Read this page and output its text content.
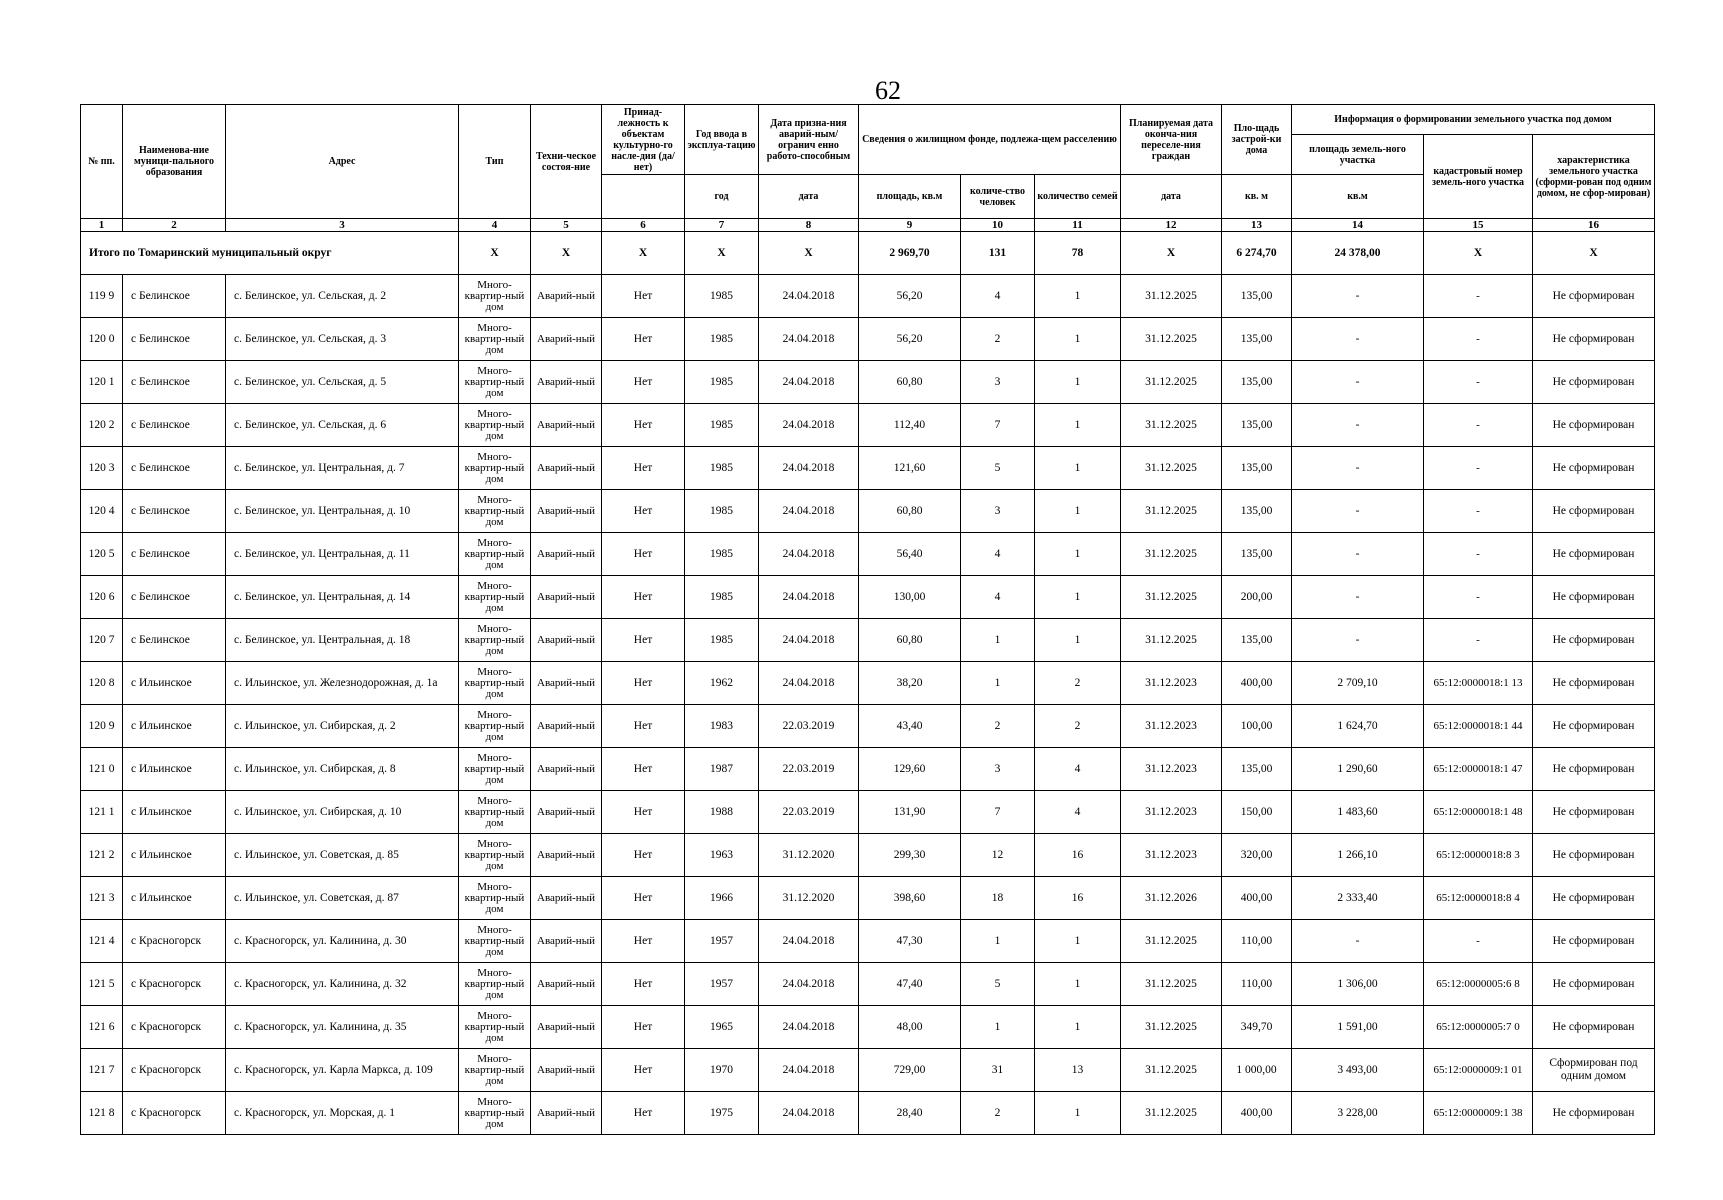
62
№ пп.	Наименова-ние муници-пального образования	Адрес	Тип	Техни-ческое состоя-ние	Принад-лежность к объектам культурно-го насле-дия (да/нет)	Год ввода в эксплуа-тацию	Дата призна-ния аварий-ным/огранич енно работо-способным	Сведения о жилищном фонде, подлежа-щем расселению			Планируемая дата оконча-ния переселе-ния граждан	Пло-щадь застрой-ки дома	Информация о формировании земельного участка под домом		
													площадь земель-ного участка	кадастровый номер земель-ного участка	характеристика земельного участка (сформи-рован под одним домом, не сфор-мирован)
						год	дата	площадь, кв.м	количе-ство человек	количество семей	дата	кв. м	кв.м		
1	2	3	4	5	6	7	8	9	10	11	12	13	14	15	16
Итого по Томаринский муниципальный округ			X	X	X	X	X	2 969,70	131	78	X	6 274,70	24 378,00	X	X
119 9	с Белинское	с. Белинское, ул. Сельская, д. 2	Много-квартир-ный дом	Аварий-ный	Нет	1985	24.04.2018	56,20	4	1	31.12.2025	135,00	-	-	Не сформирован
120 0	с Белинское	с. Белинское, ул. Сельская, д. 3	Много-квартир-ный дом	Аварий-ный	Нет	1985	24.04.2018	56,20	2	1	31.12.2025	135,00	-	-	Не сформирован
120 1	с Белинское	с. Белинское, ул. Сельская, д. 5	Много-квартир-ный дом	Аварий-ный	Нет	1985	24.04.2018	60,80	3	1	31.12.2025	135,00	-	-	Не сформирован
120 2	с Белинское	с. Белинское, ул. Сельская, д. 6	Много-квартир-ный дом	Аварий-ный	Нет	1985	24.04.2018	112,40	7	1	31.12.2025	135,00	-	-	Не сформирован
120 3	с Белинское	с. Белинское, ул. Центральная, д. 7	Много-квартир-ный дом	Аварий-ный	Нет	1985	24.04.2018	121,60	5	1	31.12.2025	135,00	-	-	Не сформирован
120 4	с Белинское	с. Белинское, ул. Центральная, д. 10	Много-квартир-ный дом	Аварий-ный	Нет	1985	24.04.2018	60,80	3	1	31.12.2025	135,00	-	-	Не сформирован
120 5	с Белинское	с. Белинское, ул. Центральная, д. 11	Много-квартир-ный дом	Аварий-ный	Нет	1985	24.04.2018	56,40	4	1	31.12.2025	135,00	-	-	Не сформирован
120 6	с Белинское	с. Белинское, ул. Центральная, д. 14	Много-квартир-ный дом	Аварий-ный	Нет	1985	24.04.2018	130,00	4	1	31.12.2025	200,00	-	-	Не сформирован
120 7	с Белинское	с. Белинское, ул. Центральная, д. 18	Много-квартир-ный дом	Аварий-ный	Нет	1985	24.04.2018	60,80	1	1	31.12.2025	135,00	-	-	Не сформирован
120 8	с Ильинское	с. Ильинское, ул. Железнодорожная, д. 1а	Много-квартир-ный дом	Аварий-ный	Нет	1962	24.04.2018	38,20	1	2	31.12.2023	400,00	2 709,10	65:12:0000018:1 13	Не сформирован
120 9	с Ильинское	с. Ильинское, ул. Сибирская, д. 2	Много-квартир-ный дом	Аварий-ный	Нет	1983	22.03.2019	43,40	2	2	31.12.2023	100,00	1 624,70	65:12:0000018:1 44	Не сформирован
121 0	с Ильинское	с. Ильинское, ул. Сибирская, д. 8	Много-квартир-ный дом	Аварий-ный	Нет	1987	22.03.2019	129,60	3	4	31.12.2023	135,00	1 290,60	65:12:0000018:1 47	Не сформирован
121 1	с Ильинское	с. Ильинское, ул. Сибирская, д. 10	Много-квартир-ный дом	Аварий-ный	Нет	1988	22.03.2019	131,90	7	4	31.12.2023	150,00	1 483,60	65:12:0000018:1 48	Не сформирован
121 2	с Ильинское	с. Ильинское, ул. Советская, д. 85	Много-квартир-ный дом	Аварий-ный	Нет	1963	31.12.2020	299,30	12	16	31.12.2023	320,00	1 266,10	65:12:0000018:8 3	Не сформирован
121 3	с Ильинское	с. Ильинское, ул. Советская, д. 87	Много-квартир-ный дом	Аварий-ный	Нет	1966	31.12.2020	398,60	18	16	31.12.2026	400,00	2 333,40	65:12:0000018:8 4	Не сформирован
121 4	с Красногорск	с. Красногорск, ул. Калинина, д. 30	Много-квартир-ный дом	Аварий-ный	Нет	1957	24.04.2018	47,30	1	1	31.12.2025	110,00	-	-	Не сформирован
121 5	с Красногорск	с. Красногорск, ул. Калинина, д. 32	Много-квартир-ный дом	Аварий-ный	Нет	1957	24.04.2018	47,40	5	1	31.12.2025	110,00	1 306,00	65:12:0000005:6 8	Не сформирован
121 6	с Красногорск	с. Красногорск, ул. Калинина, д. 35	Много-квартир-ный дом	Аварий-ный	Нет	1965	24.04.2018	48,00	1	1	31.12.2025	349,70	1 591,00	65:12:0000005:7 0	Не сформирован
121 7	с Красногорск	с. Красногорск, ул. Карла Маркса, д. 109	Много-квартир-ный дом	Аварий-ный	Нет	1970	24.04.2018	729,00	31	13	31.12.2025	1 000,00	3 493,00	65:12:0000009:1 01	Сформирован под одним домом
121 8	с Красногорск	с. Красногорск, ул. Морская, д. 1	Много-квартир-ный дом	Аварий-ный	Нет	1975	24.04.2018	28,40	2	1	31.12.2025	400,00	3 228,00	65:12:0000009:1 38	Не сформирован
